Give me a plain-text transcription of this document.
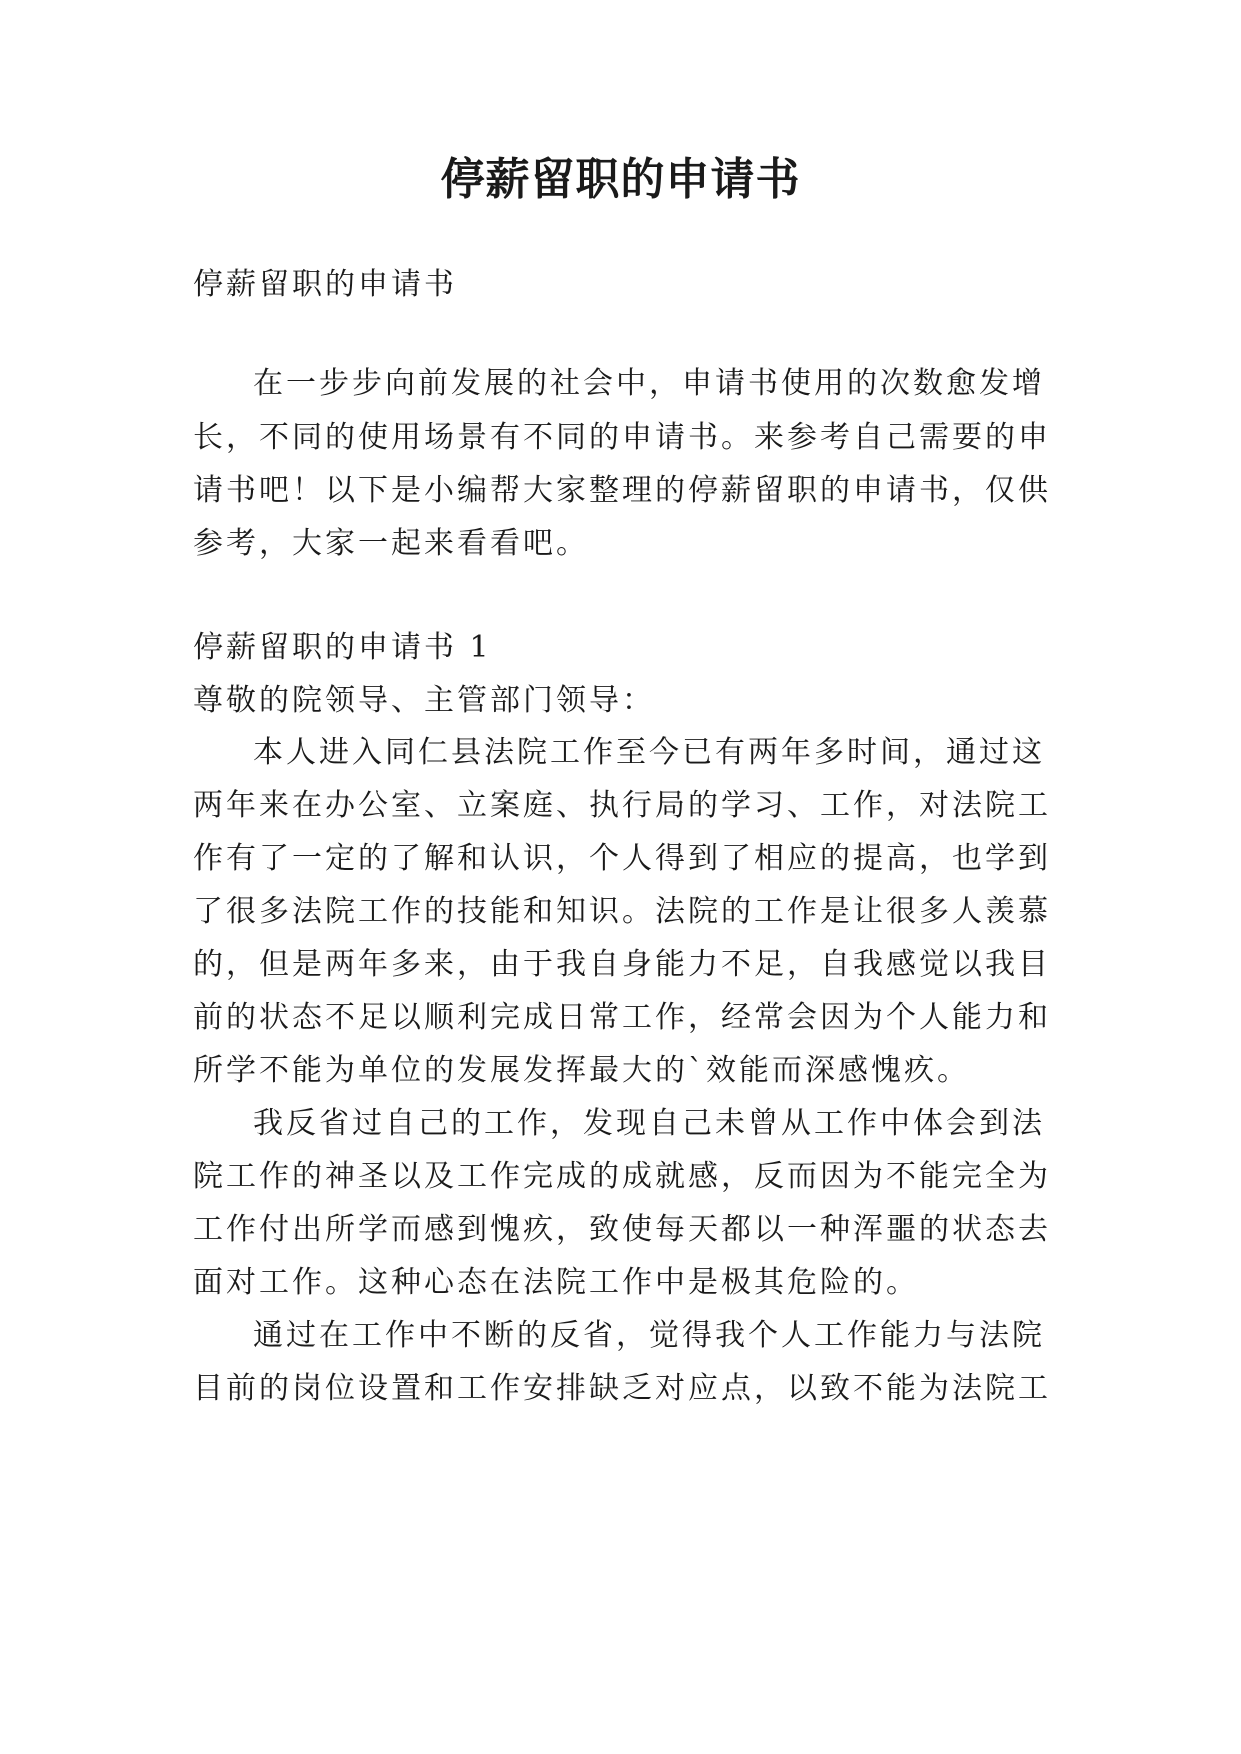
停薪留职的申请书

停薪留职的申请书

在一步步向前发展的社会中，申请书使用的次数愈发增

长，不同的使用场景有不同的申请书。来参考自己需要的申

请书吧！以下是小编帮大家整理的停薪留职的申请书，仅供

参考，大家一起来看看吧。

停薪留职的申请书 1

尊敬的院领导、主管部门领导：

本人进入同仁县法院工作至今已有两年多时间，通过这

两年来在办公室、立案庭、执行局的学习、工作，对法院工

作有了一定的了解和认识，个人得到了相应的提高，也学到

了很多法院工作的技能和知识。法院的工作是让很多人羡慕

的，但是两年多来，由于我自身能力不足，自我感觉以我目

前的状态不足以顺利完成日常工作，经常会因为个人能力和

所学不能为单位的发展发挥最大的`效能而深感愧疚。

我反省过自己的工作，发现自己未曾从工作中体会到法

院工作的神圣以及工作完成的成就感，反而因为不能完全为

工作付出所学而感到愧疚，致使每天都以一种浑噩的状态去

面对工作。这种心态在法院工作中是极其危险的。

通过在工作中不断的反省，觉得我个人工作能力与法院

目前的岗位设置和工作安排缺乏对应点，以致不能为法院工
